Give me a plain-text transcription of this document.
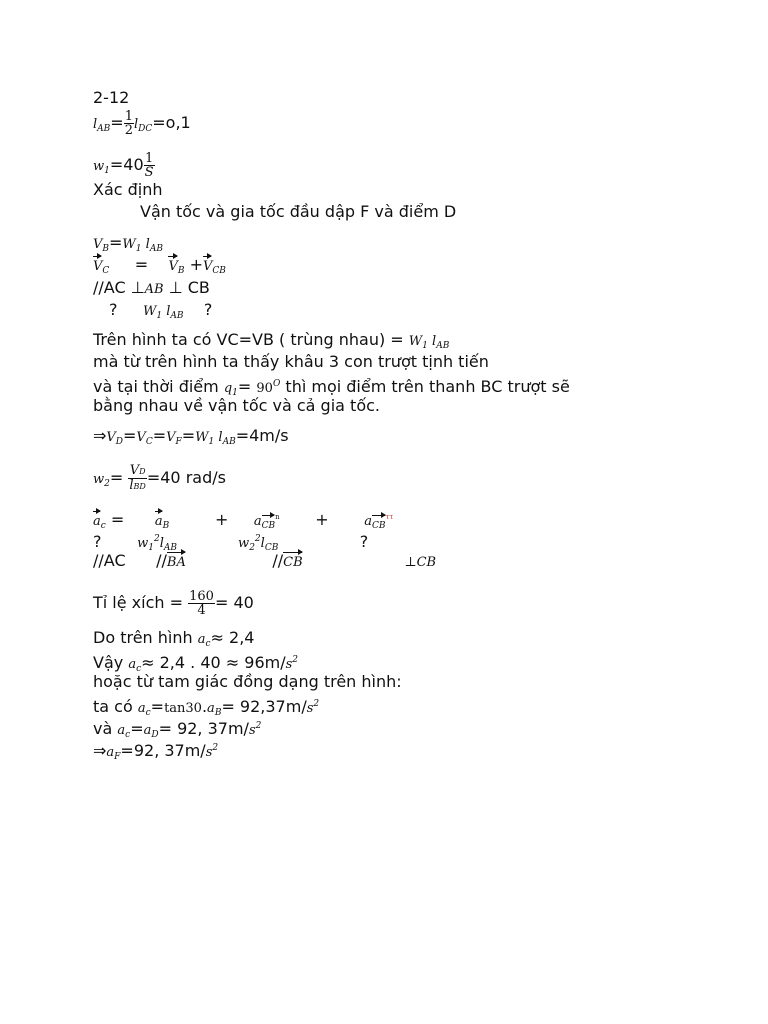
2-12
$l_{AB}= \frac{1}{2} l_{DC}=o,1$
$w_1=40 \frac{1}{S}$
Xác định
Vận tốc và gia tốc đầu dập F và điểm D
$V_B=W_1$ $l_{AB}$
$V_C = V_B +V_{CB}$
//AC ⊥AB ⊥ CB
? $W_1$ $l_{AB}$ ?
Trên hình ta có VC=VB ( trùng nhau) = $W_1$ $l_{AB}$
mà từ trên hình ta thấy khâu 3 con trượt tịnh tiến
và tại thời điểm $q_1= 90^O$ thì mọi điểm trên thanh BC trượt sẽ
bằng nhau về vận tốc và cả gia tốc.
$\Rightarrow V_D=V_C=V_F=W_1$ $l_{AB}=4m/s$
$w_2= \frac{VD}{\text{lBD}} =40$ rad/s
$a_c = a_B$	+ aCB$^n$ +	aCB$^{\tau\tau}$
?	$w_1^2l_{AB}$	$w_2^2l_{CB}$	?
//AC //BA	//CB	⊥CB
Tỉ lệ xích = $\frac{160}{4} = 40$
Do trên hình $a_c\approx 2,4$
Vậy $a_c\approx 2,4$ . $40 \approx 96m/s^2$
hoặc từ tam giác đồng dạng trên hình:
ta có $a_c=\tan 30.a_B= 92,37m/s^2$
và $a_c=a_D= 92$, $37m/s^2$
$\Rightarrow a_F=92$, $37m/s^2$
